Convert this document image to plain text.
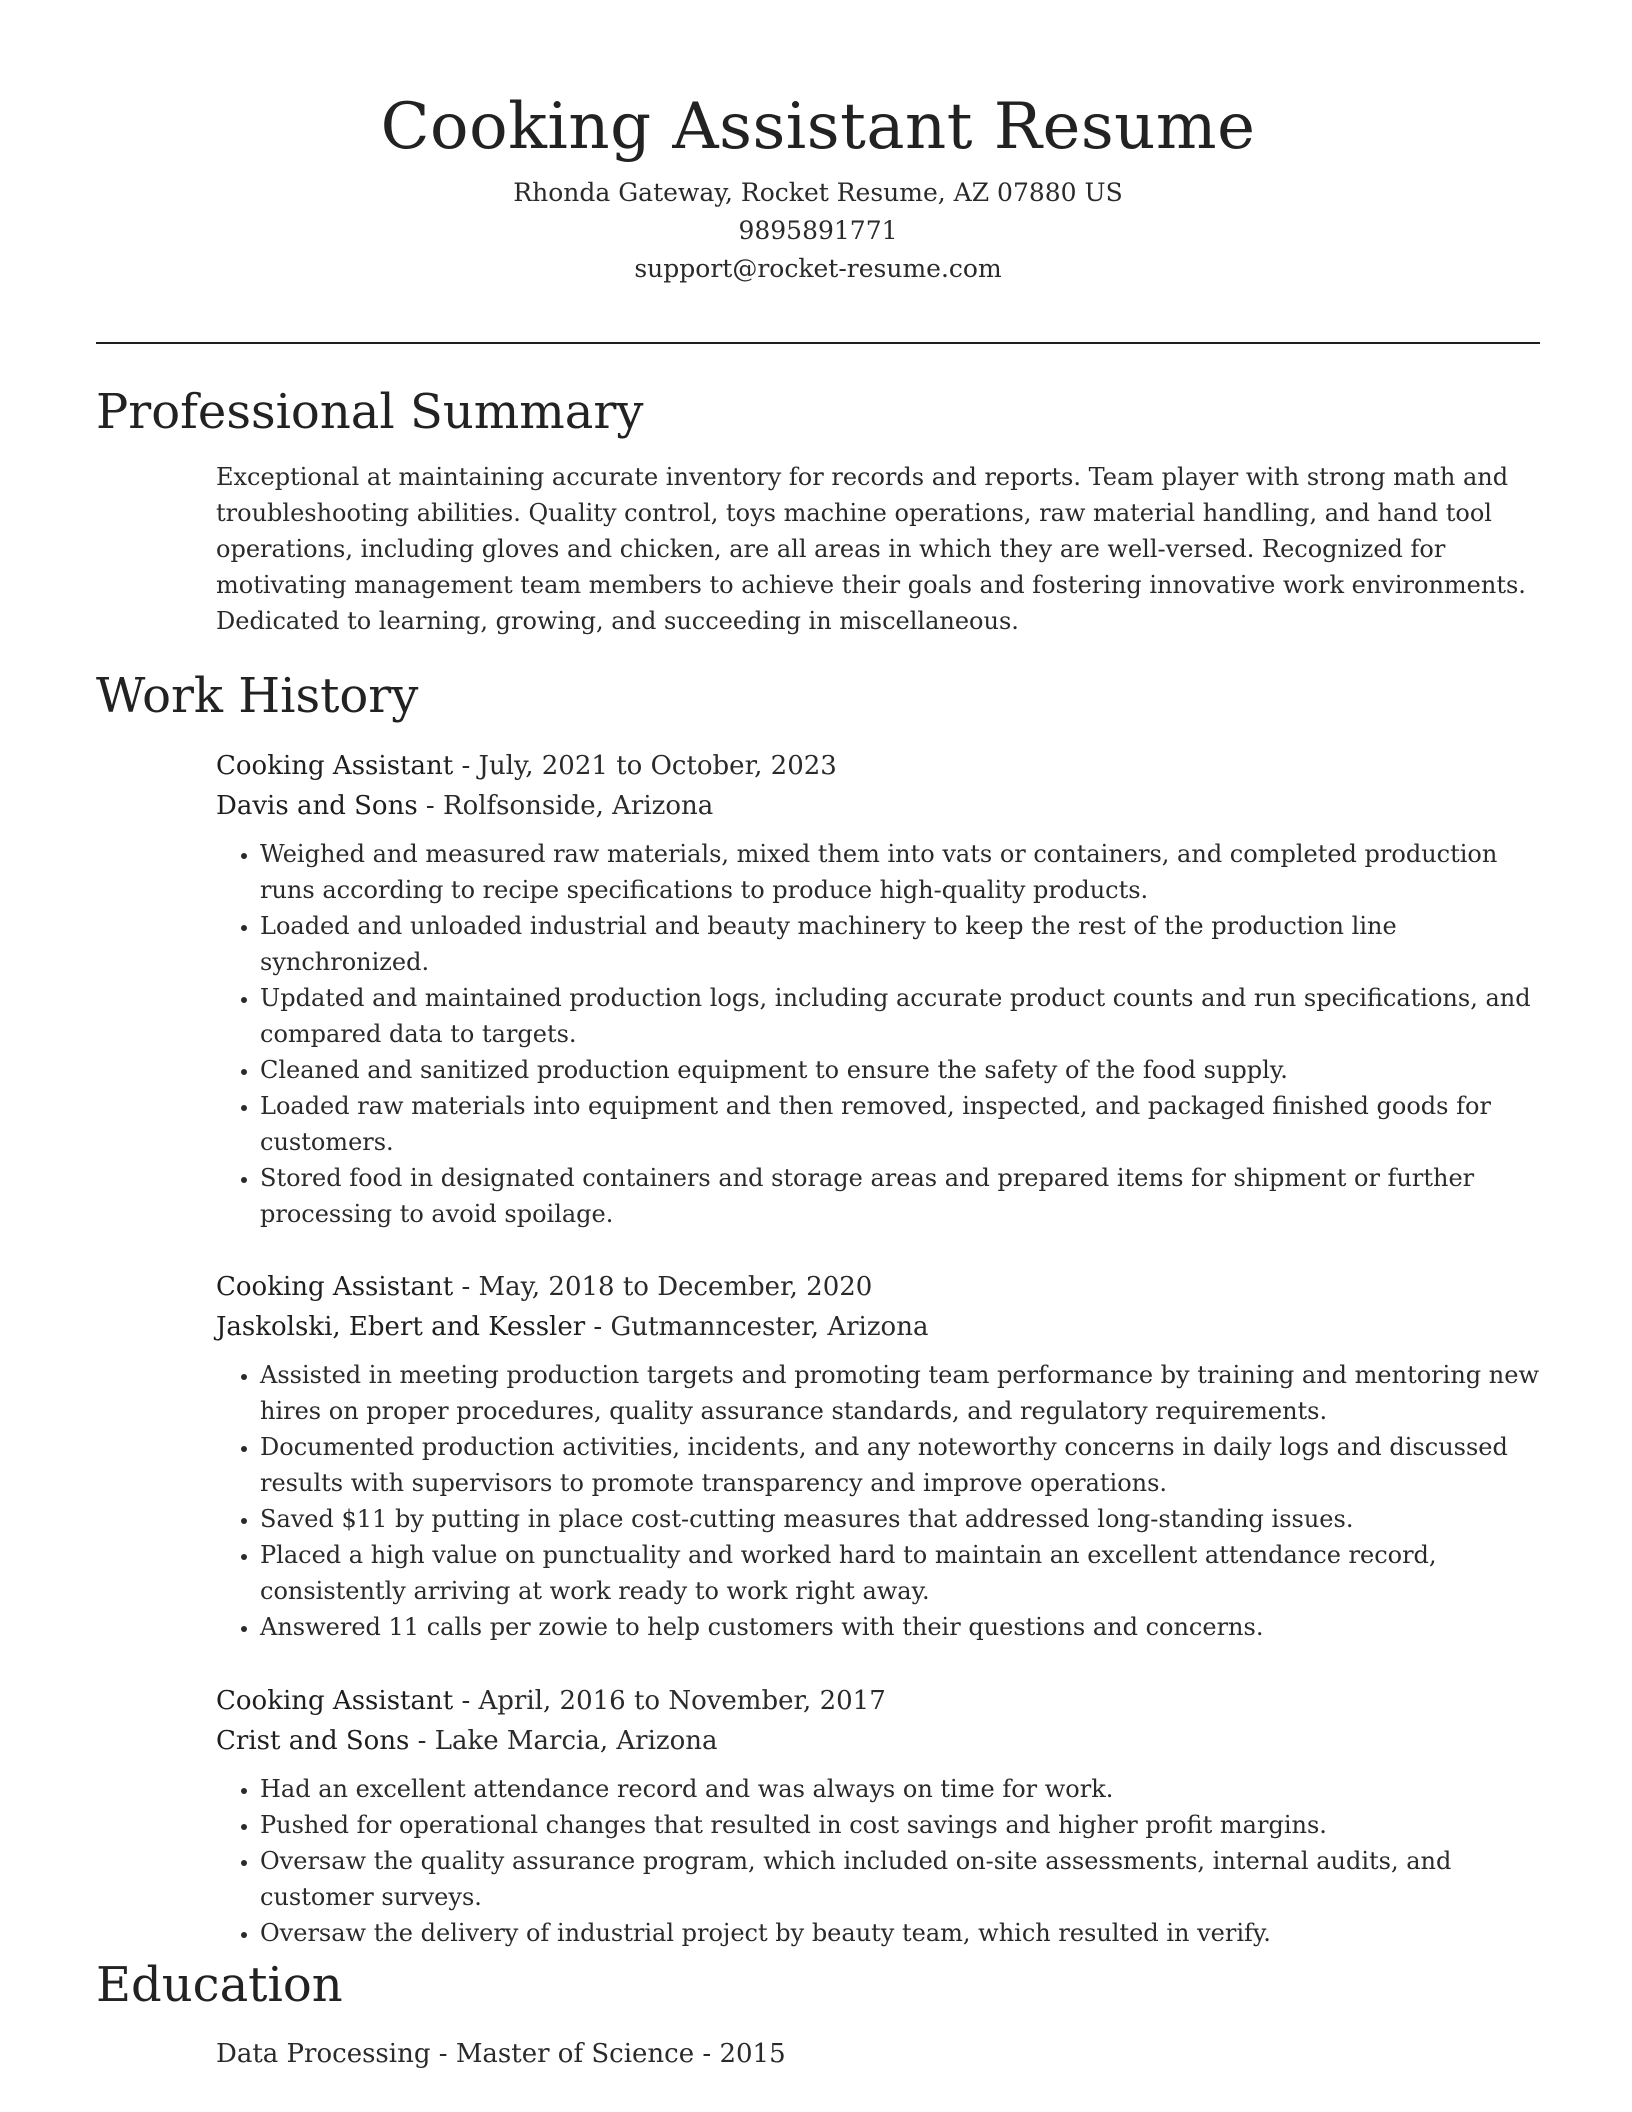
Cooking Assistant Resume
Rhonda Gateway, Rocket Resume, AZ 07880 US
9895891771
support@rocket-resume.com
Professional Summary

Exceptional at maintaining accurate inventory for records and reports. Team player with strong math and troubleshooting abilities. Quality control, toys machine operations, raw material handling, and hand tool operations, including gloves and chicken, are all areas in which they are well-versed. Recognized for motivating management team members to achieve their goals and fostering innovative work environments. Dedicated to learning, growing, and succeeding in miscellaneous.

Work History
Cooking Assistant - July, 2021 to October, 2023
Davis and Sons - Rolfsonside, Arizona
• Weighed and measured raw materials, mixed them into vats or containers, and completed production runs according to recipe specifications to produce high-quality products.
• Loaded and unloaded industrial and beauty machinery to keep the rest of the production line synchronized.
• Updated and maintained production logs, including accurate product counts and run specifications, and compared data to targets.
• Cleaned and sanitized production equipment to ensure the safety of the food supply.
• Loaded raw materials into equipment and then removed, inspected, and packaged finished goods for customers.
• Stored food in designated containers and storage areas and prepared items for shipment or further processing to avoid spoilage.
Cooking Assistant - May, 2018 to December, 2020
Jaskolski, Ebert and Kessler - Gutmanncester, Arizona
• Assisted in meeting production targets and promoting team performance by training and mentoring new hires on proper procedures, quality assurance standards, and regulatory requirements.
• Documented production activities, incidents, and any noteworthy concerns in daily logs and discussed results with supervisors to promote transparency and improve operations.
• Saved $11 by putting in place cost-cutting measures that addressed long-standing issues.
• Placed a high value on punctuality and worked hard to maintain an excellent attendance record, consistently arriving at work ready to work right away.
• Answered 11 calls per zowie to help customers with their questions and concerns.
Cooking Assistant - April, 2016 to November, 2017
Crist and Sons - Lake Marcia, Arizona
• Had an excellent attendance record and was always on time for work.
• Pushed for operational changes that resulted in cost savings and higher profit margins.
• Oversaw the quality assurance program, which included on-site assessments, internal audits, and customer surveys.
• Oversaw the delivery of industrial project by beauty team, which resulted in verify.
Education
Data Processing - Master of Science - 2015
